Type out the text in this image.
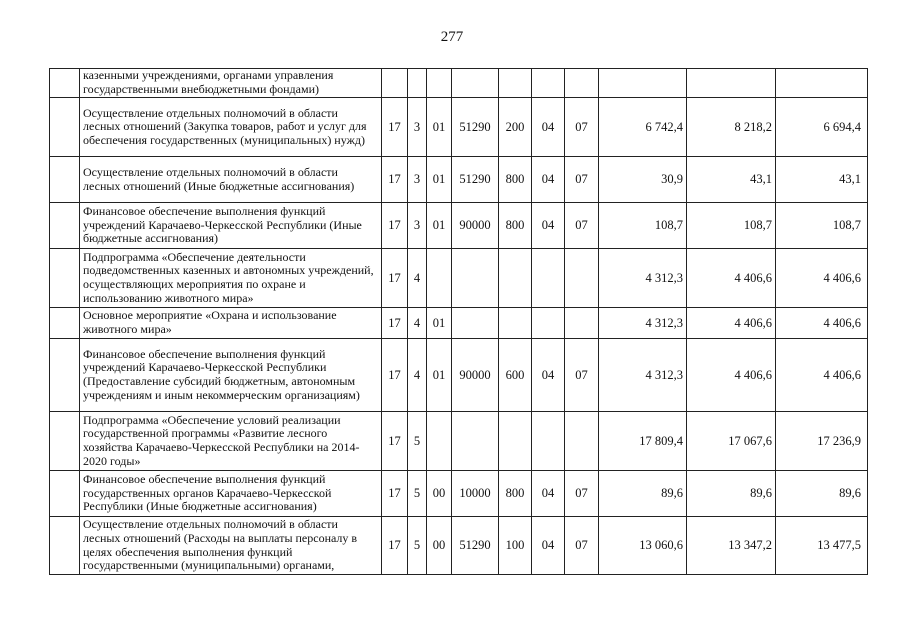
277
	казенными учреждениями, органами управления государственными внебюджетными фондами)										
	Осуществление отдельных полномочий в области лесных отношений (Закупка товаров, работ и услуг для обеспечения государственных (муниципальных) нужд)	17	3	01	51290	200	04	07	6 742,4	8 218,2	6 694,4
	Осуществление отдельных полномочий в области лесных отношений (Иные бюджетные ассигнования)	17	3	01	51290	800	04	07	30,9	43,1	43,1
	Финансовое обеспечение выполнения функций учреждений Карачаево-Черкесской Республики (Иные бюджетные ассигнования)	17	3	01	90000	800	04	07	108,7	108,7	108,7
	Подпрограмма «Обеспечение деятельности подведомственных казенных и автономных учреждений, осуществляющих мероприятия по охране и использованию животного мира»	17	4						4 312,3	4 406,6	4 406,6
	Основное мероприятие «Охрана и использование животного мира»	17	4	01					4 312,3	4 406,6	4 406,6
	Финансовое обеспечение выполнения функций учреждений Карачаево-Черкесской Республики (Предоставление субсидий бюджетным, автономным учреждениям и иным некоммерческим организациям)	17	4	01	90000	600	04	07	4 312,3	4 406,6	4 406,6
	Подпрограмма «Обеспечение условий реализации государственной программы «Развитие лесного хозяйства Карачаево-Черкесской Республики на 2014-2020 годы»	17	5						17 809,4	17 067,6	17 236,9
	Финансовое обеспечение выполнения функций государственных органов Карачаево-Черкесской Республики (Иные бюджетные ассигнования)	17	5	00	10000	800	04	07	89,6	89,6	89,6
	Осуществление отдельных полномочий в области лесных отношений (Расходы на выплаты персоналу в целях обеспечения выполнения функций государственными (муниципальными) органами,	17	5	00	51290	100	04	07	13 060,6	13 347,2	13 477,5
